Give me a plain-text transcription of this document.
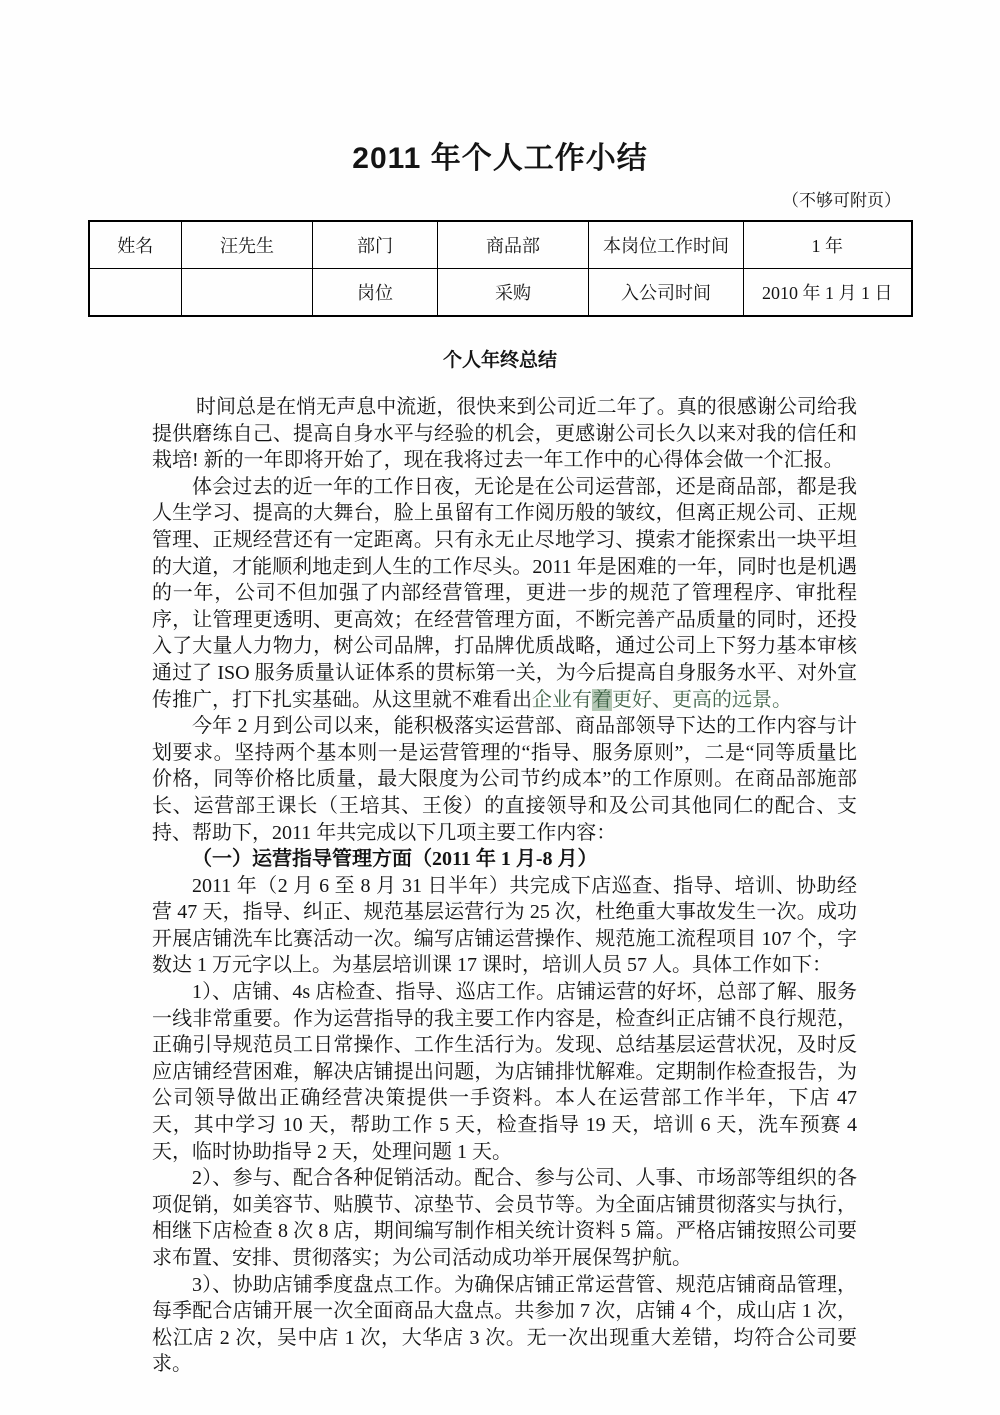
2011 年个人工作小结
（不够可附页）
姓名	汪先生	部门	商品部	本岗位工作时间	1 年
		岗位	采购	入公司时间	2010 年 1 月 1 日
个人年终总结

时间总是在悄无声息中流逝，很快来到公司近二年了。真的很感谢公司给我提供磨练自己、提高自身水平与经验的机会，更感谢公司长久以来对我的信任和栽培! 新的一年即将开始了，现在我将过去一年工作中的心得体会做一个汇报。

体会过去的近一年的工作日夜，无论是在公司运营部，还是商品部，都是我人生学习、提高的大舞台，脸上虽留有工作阅历般的皱纹，但离正规公司、正规管理、正规经营还有一定距离。只有永无止尽地学习、摸索才能探索出一块平坦的大道，才能顺利地走到人生的工作尽头。2011 年是困难的一年，同时也是机遇的一年，公司不但加强了内部经营管理，更进一步的规范了管理程序、审批程序，让管理更透明、更高效；在经营管理方面，不断完善产品质量的同时，还投入了大量人力物力，树公司品牌，打品牌优质战略，通过公司上下努力基本审核通过了 ISO 服务质量认证体系的贯标第一关，为今后提高自身服务水平、对外宣传推广，打下扎实基础。从这里就不难看出企业有着更好、更高的远景。

今年 2 月到公司以来，能积极落实运营部、商品部领导下达的工作内容与计划要求。坚持两个基本则一是运营管理的“指导、服务原则”，二是“同等质量比价格，同等价格比质量，最大限度为公司节约成本”的工作原则。在商品部施部长、运营部王课长（王培其、王俊）的直接领导和及公司其他同仁的配合、支持、帮助下，2011 年共完成以下几项主要工作内容：

（一）运营指导管理方面（2011 年 1 月-8 月）

2011 年（2 月 6 至 8 月 31 日半年）共完成下店巡查、指导、培训、协助经营 47 天，指导、纠正、规范基层运营行为 25 次，杜绝重大事故发生一次。成功开展店铺洗车比赛活动一次。编写店铺运营操作、规范施工流程项目 107 个，字数达 1 万元字以上。为基层培训课 17 课时，培训人员 57 人。具体工作如下：

1）、店铺、4s 店检查、指导、巡店工作。店铺运营的好坏，总部了解、服务一线非常重要。作为运营指导的我主要工作内容是，检查纠正店铺不良行规范，正确引导规范员工日常操作、工作生活行为。发现、总结基层运营状况，及时反应店铺经营困难，解决店铺提出问题，为店铺排忧解难。定期制作检查报告，为公司领导做出正确经营决策提供一手资料。本人在运营部工作半年，下店 47 天，其中学习 10 天，帮助工作 5 天，检查指导 19 天，培训 6 天，洗车预赛 4 天，临时协助指导 2 天，处理问题 1 天。

2）、参与、配合各种促销活动。配合、参与公司、人事、市场部等组织的各项促销，如美容节、贴膜节、凉垫节、会员节等。为全面店铺贯彻落实与执行，相继下店检查 8 次 8 店，期间编写制作相关统计资料 5 篇。严格店铺按照公司要求布置、安排、贯彻落实；为公司活动成功举开展保驾护航。

3）、协助店铺季度盘点工作。为确保店铺正常运营管、规范店铺商品管理，每季配合店铺开展一次全面商品大盘点。共参加 7 次，店铺 4 个，成山店 1 次，松江店 2 次，吴中店 1 次，大华店 3 次。无一次出现重大差错，均符合公司要求。
